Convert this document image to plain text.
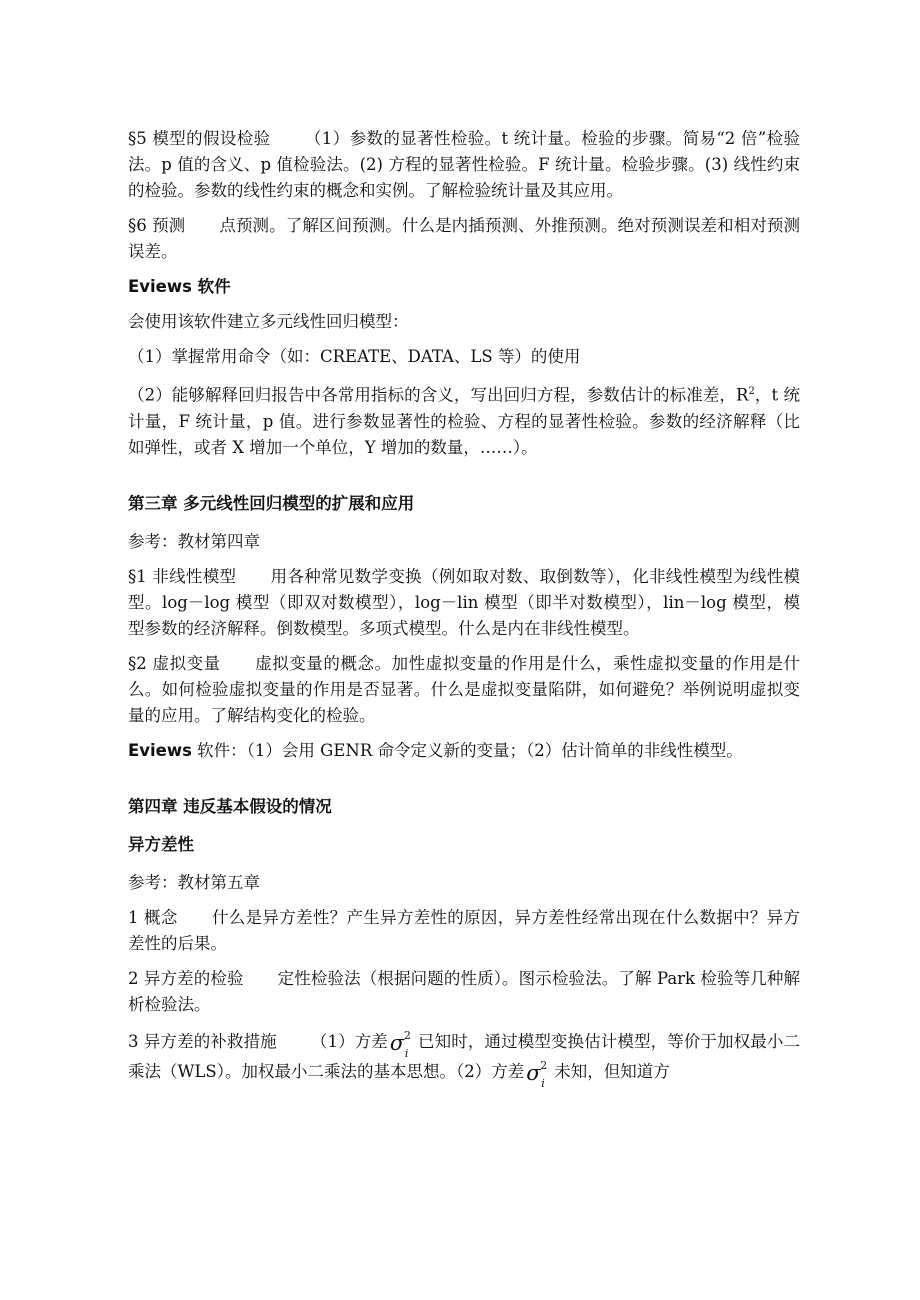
§5 模型的假设检验 （1）参数的显著性检验。t 统计量。检验的步骤。简易“2 倍”检验法。p 值的含义、p 值检验法。(2) 方程的显著性检验。F 统计量。检验步骤。(3) 线性约束的检验。参数的线性约束的概念和实例。了解检验统计量及其应用。

§6 预测 点预测。了解区间预测。什么是内插预测、外推预测。绝对预测误差和相对预测误差。

Eviews 软件

会使用该软件建立多元线性回归模型：

（1）掌握常用命令（如：CREATE、DATA、LS 等）的使用

（2）能够解释回归报告中各常用指标的含义，写出回归方程，参数估计的标准差，$R^2$，t 统计量，F 统计量，p 值。进行参数显著性的检验、方程的显著性检验。参数的经济解释（比如弹性，或者 X 增加一个单位，Y 增加的数量，……）。

第三章 多元线性回归模型的扩展和应用

参考：教材第四章

§1 非线性模型 用各种常见数学变换（例如取对数、取倒数等），化非线性模型为线性模型。log－log 模型（即双对数模型），log－lin 模型（即半对数模型），lin－log 模型，模型参数的经济解释。倒数模型。多项式模型。什么是内在非线性模型。

§2 虚拟变量 虚拟变量的概念。加性虚拟变量的作用是什么，乘性虚拟变量的作用是什么。如何检验虚拟变量的作用是否显著。什么是虚拟变量陷阱，如何避免？举例说明虚拟变量的应用。了解结构变化的检验。

Eviews 软件：（1）会用 GENR 命令定义新的变量；（2）估计简单的非线性模型。

第四章 违反基本假设的情况

异方差性

参考：教材第五章

1 概念 什么是异方差性？产生异方差性的原因，异方差性经常出现在什么数据中？异方差性的后果。

2 异方差的检验 定性检验法（根据问题的性质）。图示检验法。了解 Park 检验等几种解析检验法。

3 异方差的补救措施 （1）方差 σ 2
i
已知时，通过模型变换估计模型，等价于加权最小二乘法（WLS）。加权最小二乘法的基本思想。（2）方差 σ 2
i
未知，但知道方
